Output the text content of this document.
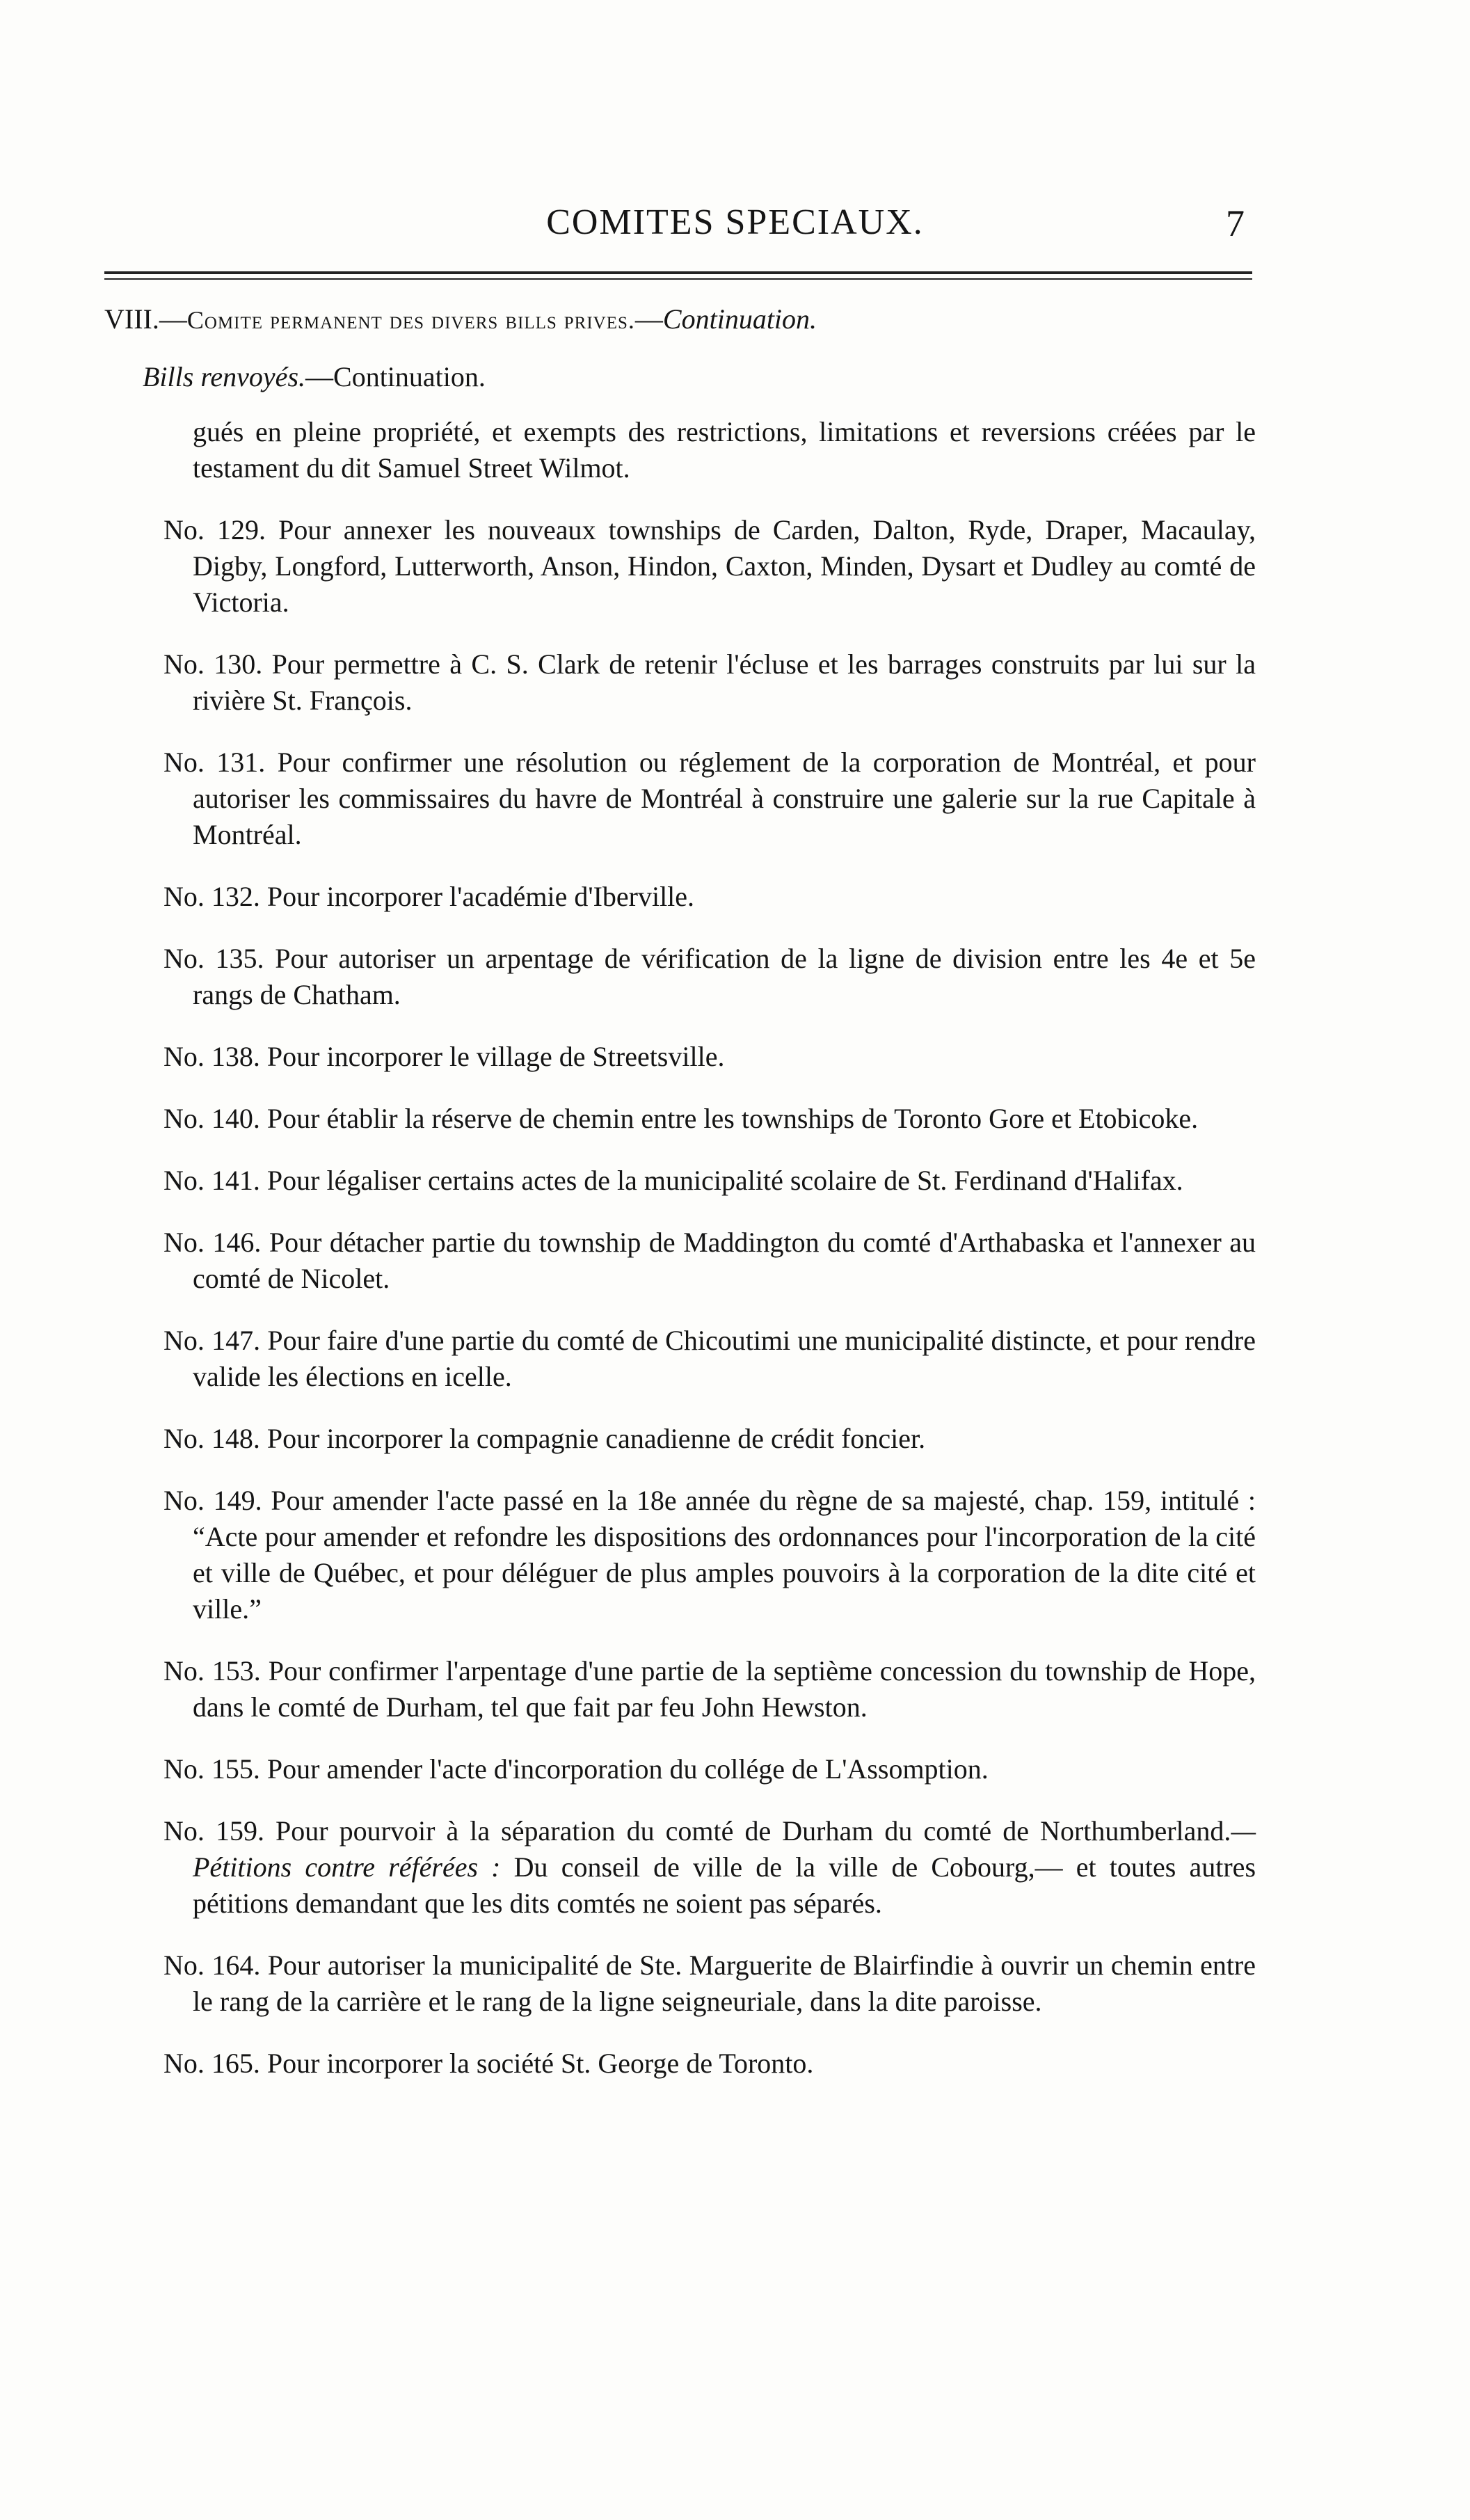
COMITES SPECIAUX.	7
VIII.—Comite permanent des divers bills prives.—Continuation.
Bills renvoyés.—Continuation.

gués en pleine propriété, et exempts des restrictions, limitations et reversions créées par le testament du dit Samuel Street Wilmot.

No. 129. Pour annexer les nouveaux townships de Carden, Dalton, Ryde, Draper, Macaulay, Digby, Longford, Lutterworth, Anson, Hindon, Caxton, Minden, Dysart et Dudley au comté de Victoria.

No. 130. Pour permettre à C. S. Clark de retenir l'écluse et les barrages construits par lui sur la rivière St. François.

No. 131. Pour confirmer une résolution ou réglement de la corporation de Montréal, et pour autoriser les commissaires du havre de Montréal à construire une galerie sur la rue Capitale à Montréal.

No. 132. Pour incorporer l'académie d'Iberville.

No. 135. Pour autoriser un arpentage de vérification de la ligne de division entre les 4e et 5e rangs de Chatham.

No. 138. Pour incorporer le village de Streetsville.

No. 140. Pour établir la réserve de chemin entre les townships de Toronto Gore et Etobicoke.

No. 141. Pour légaliser certains actes de la municipalité scolaire de St. Ferdinand d'Halifax.

No. 146. Pour détacher partie du township de Maddington du comté d'Arthabaska et l'annexer au comté de Nicolet.

No. 147. Pour faire d'une partie du comté de Chicoutimi une municipalité distincte, et pour rendre valide les élections en icelle.

No. 148. Pour incorporer la compagnie canadienne de crédit foncier.

No. 149. Pour amender l'acte passé en la 18e année du règne de sa majesté, chap. 159, intitulé : “Acte pour amender et refondre les dispositions des ordonnances pour l'incorporation de la cité et ville de Québec, et pour déléguer de plus amples pouvoirs à la corporation de la dite cité et ville.”

No. 153. Pour confirmer l'arpentage d'une partie de la septième concession du township de Hope, dans le comté de Durham, tel que fait par feu John Hewston.

No. 155. Pour amender l'acte d'incorporation du collége de L'Assomption.

No. 159. Pour pourvoir à la séparation du comté de Durham du comté de Northumberland.—Pétitions contre référées : Du conseil de ville de la ville de Cobourg,— et toutes autres pétitions demandant que les dits comtés ne soient pas séparés.

No. 164. Pour autoriser la municipalité de Ste. Marguerite de Blairfindie à ouvrir un chemin entre le rang de la carrière et le rang de la ligne seigneuriale, dans la dite paroisse.

No. 165. Pour incorporer la société St. George de Toronto.
